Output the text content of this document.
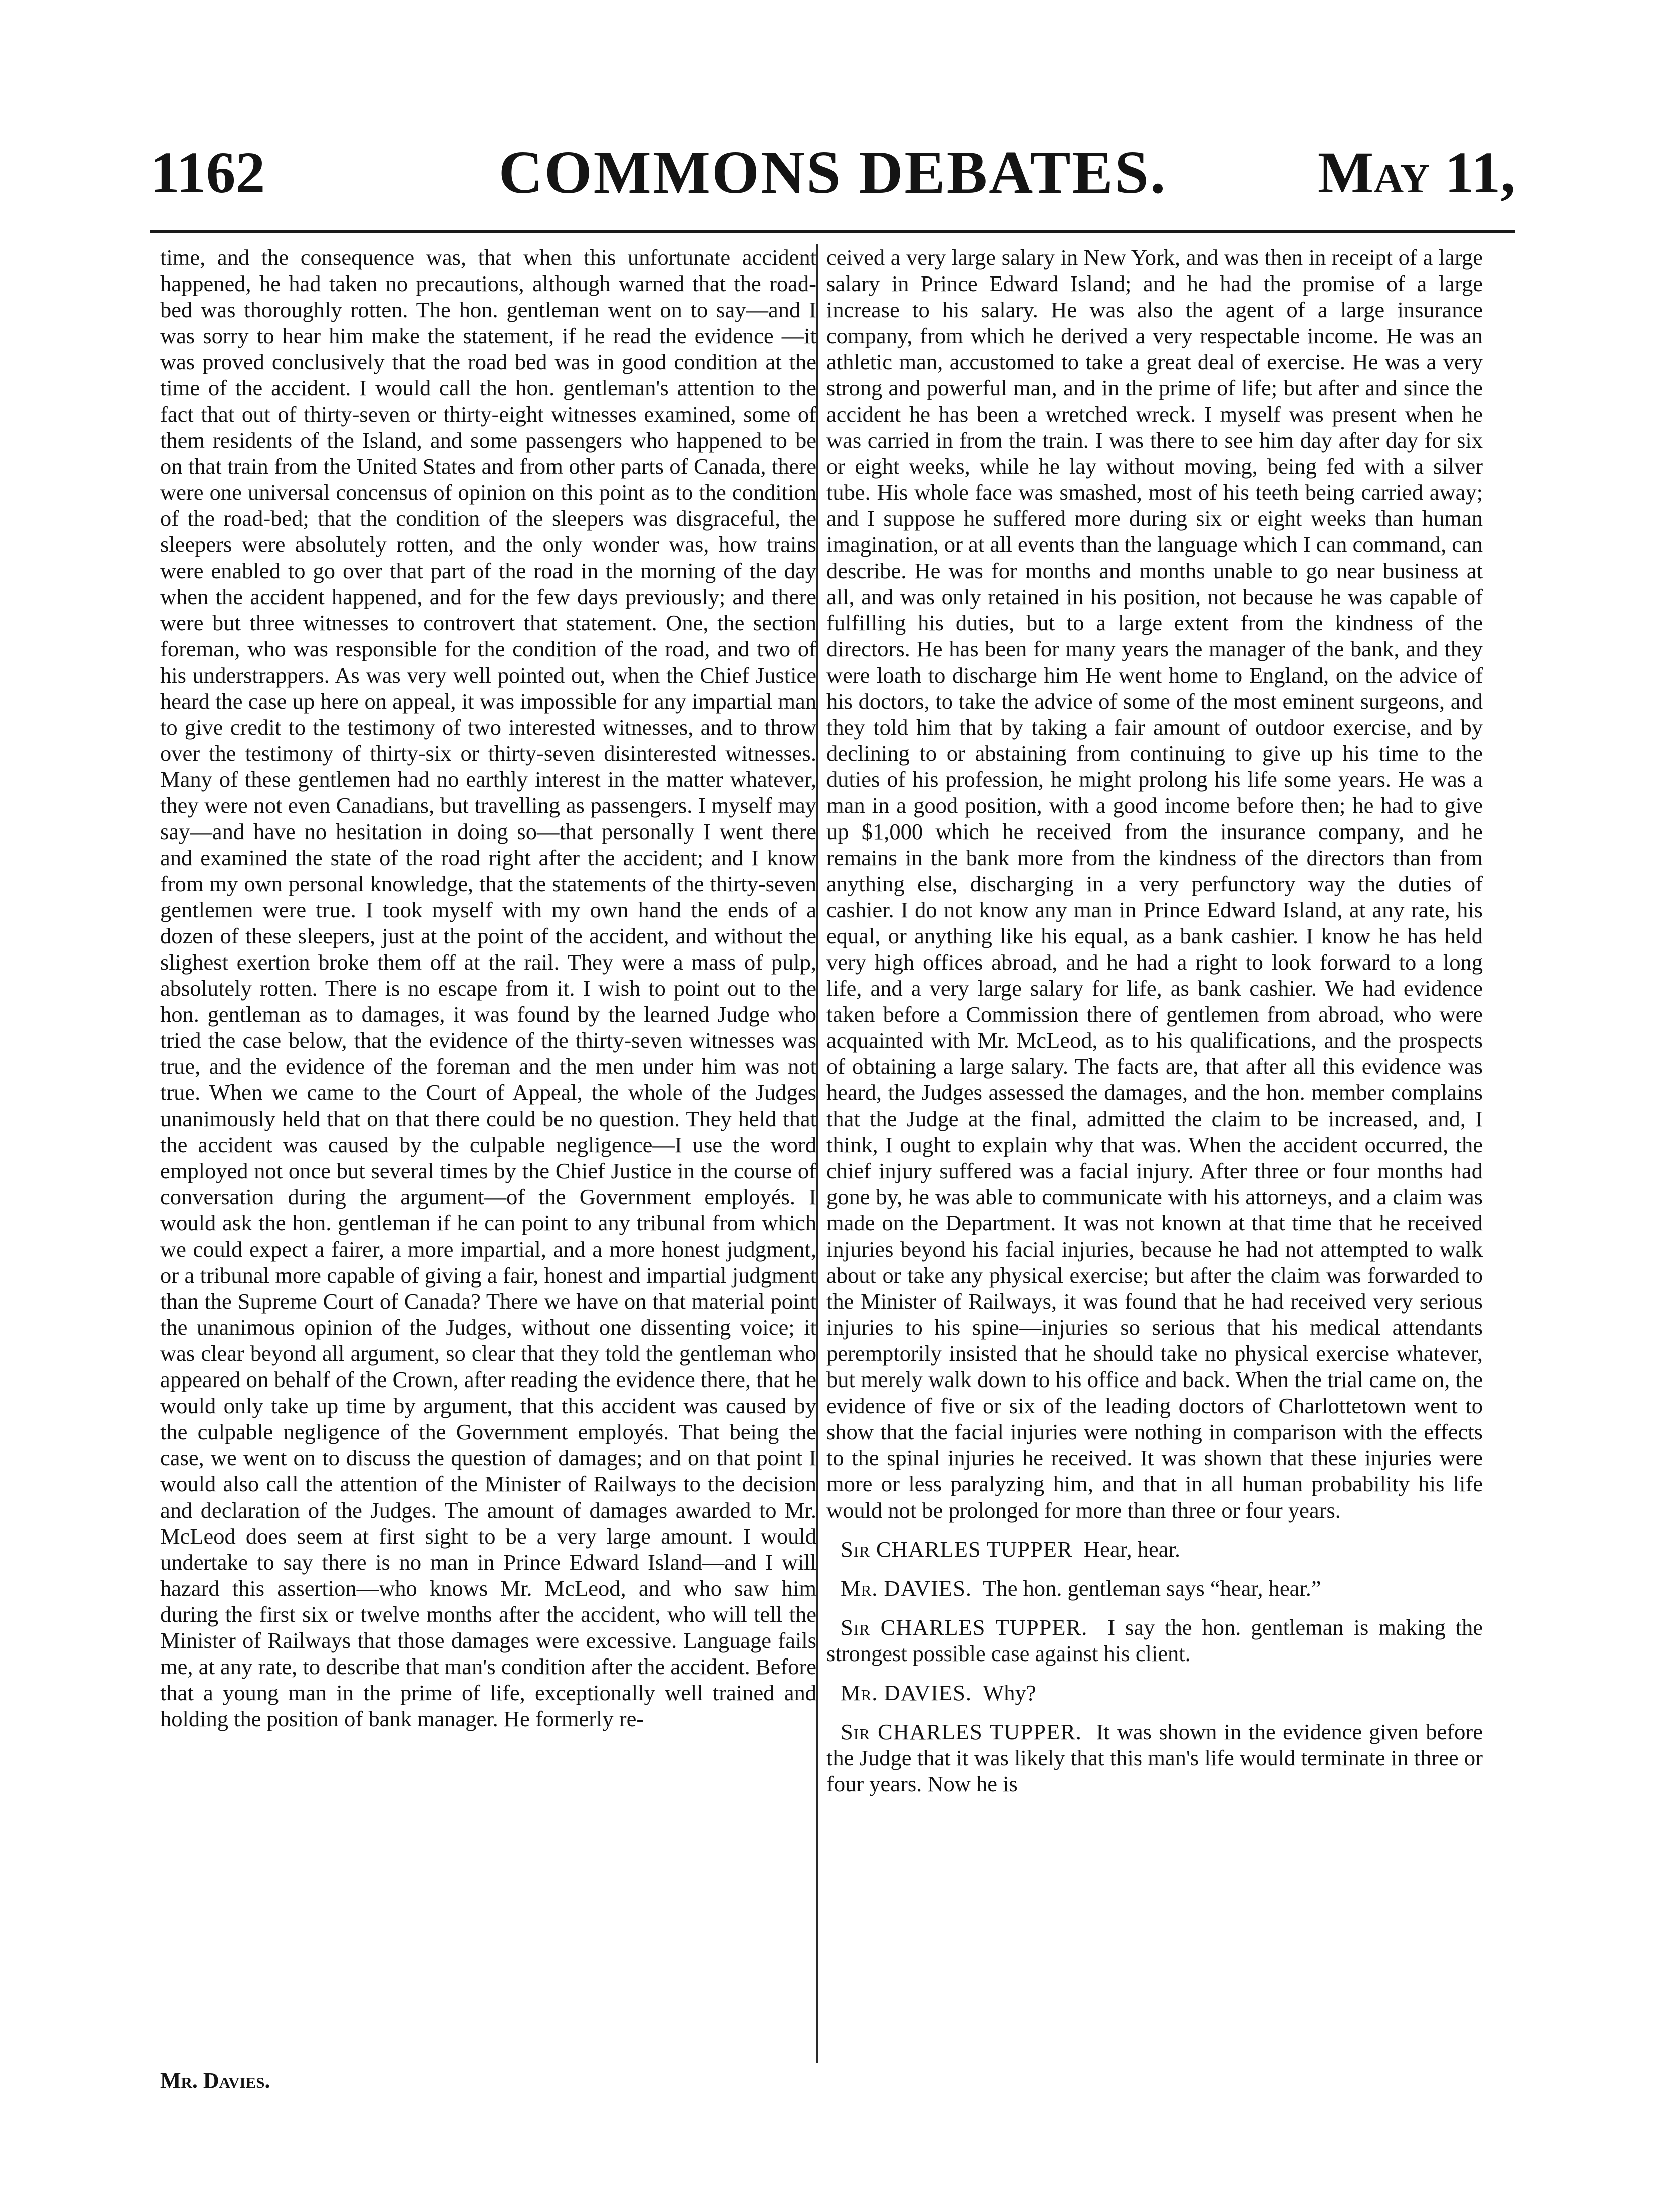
1162	COMMONS DEBATES.	May 11,

time, and the consequence was, that when this unfortunate accident happened, he had taken no precautions, although warned that the road-bed was thoroughly rotten. The hon. gentleman went on to say—and I was sorry to hear him make the statement, if he read the evidence —it was proved conclusively that the road bed was in good condition at the time of the accident. I would call the hon. gentleman's attention to the fact that out of thirty-seven or thirty-eight witnesses examined, some of them residents of the Island, and some passengers who happened to be on that train from the United States and from other parts of Canada, there were one universal concensus of opinion on this point as to the condition of the road-bed; that the condition of the sleepers was disgraceful, the sleepers were absolutely rotten, and the only wonder was, how trains were enabled to go over that part of the road in the morning of the day when the accident happened, and for the few days previously; and there were but three witnesses to controvert that statement. One, the section foreman, who was responsible for the condition of the road, and two of his understrappers. As was very well pointed out, when the Chief Justice heard the case up here on appeal, it was impossible for any impartial man to give credit to the testimony of two interested witnesses, and to throw over the testimony of thirty-six or thirty-seven disinterested witnesses. Many of these gentlemen had no earthly interest in the matter whatever, they were not even Canadians, but travelling as passengers. I myself may say—and have no hesitation in doing so—that personally I went there and examined the state of the road right after the accident; and I know from my own personal knowledge, that the statements of the thirty-seven gentlemen were true. I took myself with my own hand the ends of a dozen of these sleepers, just at the point of the accident, and without the slighest exertion broke them off at the rail. They were a mass of pulp, absolutely rotten. There is no escape from it. I wish to point out to the hon. gentleman as to damages, it was found by the learned Judge who tried the case below, that the evidence of the thirty-seven witnesses was true, and the evidence of the foreman and the men under him was not true. When we came to the Court of Appeal, the whole of the Judges unanimously held that on that there could be no question. They held that the accident was caused by the culpable negligence—I use the word employed not once but several times by the Chief Justice in the course of conversation during the argument—of the Government employés. I would ask the hon. gentleman if he can point to any tribunal from which we could expect a fairer, a more impartial, and a more honest judgment, or a tribunal more capable of giving a fair, honest and impartial judgment than the Supreme Court of Canada? There we have on that material point the unanimous opinion of the Judges, without one dissenting voice; it was clear beyond all argument, so clear that they told the gentleman who appeared on behalf of the Crown, after reading the evidence there, that he would only take up time by argument, that this accident was caused by the culpable negligence of the Government employés. That being the case, we went on to discuss the question of damages; and on that point I would also call the attention of the Minister of Railways to the decision and declaration of the Judges. The amount of damages awarded to Mr. McLeod does seem at first sight to be a very large amount. I would undertake to say there is no man in Prince Edward Island—and I will hazard this assertion—who knows Mr. McLeod, and who saw him during the first six or twelve months after the accident, who will tell the Minister of Railways that those damages were excessive. Language fails me, at any rate, to describe that man's condition after the accident. Before that a young man in the prime of life, exceptionally well trained and holding the position of bank manager. He formerly re-

ceived a very large salary in New York, and was then in receipt of a large salary in Prince Edward Island; and he had the promise of a large increase to his salary. He was also the agent of a large insurance company, from which he derived a very respectable income. He was an athletic man, accustomed to take a great deal of exercise. He was a very strong and powerful man, and in the prime of life; but after and since the accident he has been a wretched wreck. I myself was present when he was carried in from the train. I was there to see him day after day for six or eight weeks, while he lay without moving, being fed with a silver tube. His whole face was smashed, most of his teeth being carried away; and I suppose he suffered more during six or eight weeks than human imagination, or at all events than the language which I can command, can describe. He was for months and months unable to go near business at all, and was only retained in his position, not because he was capable of fulfilling his duties, but to a large extent from the kindness of the directors. He has been for many years the manager of the bank, and they were loath to discharge him He went home to England, on the advice of his doctors, to take the advice of some of the most eminent surgeons, and they told him that by taking a fair amount of outdoor exercise, and by declining to or abstaining from continuing to give up his time to the duties of his profession, he might prolong his life some years. He was a man in a good position, with a good income before then; he had to give up $1,000 which he received from the insurance company, and he remains in the bank more from the kindness of the directors than from anything else, discharging in a very perfunctory way the duties of cashier. I do not know any man in Prince Edward Island, at any rate, his equal, or anything like his equal, as a bank cashier. I know he has held very high offices abroad, and he had a right to look forward to a long life, and a very large salary for life, as bank cashier. We had evidence taken before a Commission there of gentlemen from abroad, who were acquainted with Mr. McLeod, as to his qualifications, and the prospects of obtaining a large salary. The facts are, that after all this evidence was heard, the Judges assessed the damages, and the hon. member complains that the Judge at the final, admitted the claim to be increased, and, I think, I ought to explain why that was. When the accident occurred, the chief injury suffered was a facial injury. After three or four months had gone by, he was able to communicate with his attorneys, and a claim was made on the Department. It was not known at that time that he received injuries beyond his facial injuries, because he had not attempted to walk about or take any physical exercise; but after the claim was forwarded to the Minister of Railways, it was found that he had received very serious injuries to his spine—injuries so serious that his medical attendants peremptorily insisted that he should take no physical exercise whatever, but merely walk down to his office and back. When the trial came on, the evidence of five or six of the leading doctors of Charlottetown went to show that the facial injuries were nothing in comparison with the effects to the spinal injuries he received. It was shown that these injuries were more or less paralyzing him, and that in all human probability his life would not be prolonged for more than three or four years.

Sir CHARLES TUPPER Hear, hear.

Mr. DAVIES. The hon. gentleman says “hear, hear.”

Sir CHARLES TUPPER. I say the hon. gentleman is making the strongest possible case against his client.

Mr. DAVIES. Why?

Sir CHARLES TUPPER. It was shown in the evidence given before the Judge that it was likely that this man's life would terminate in three or four years. Now he is

Mr. Davies.
